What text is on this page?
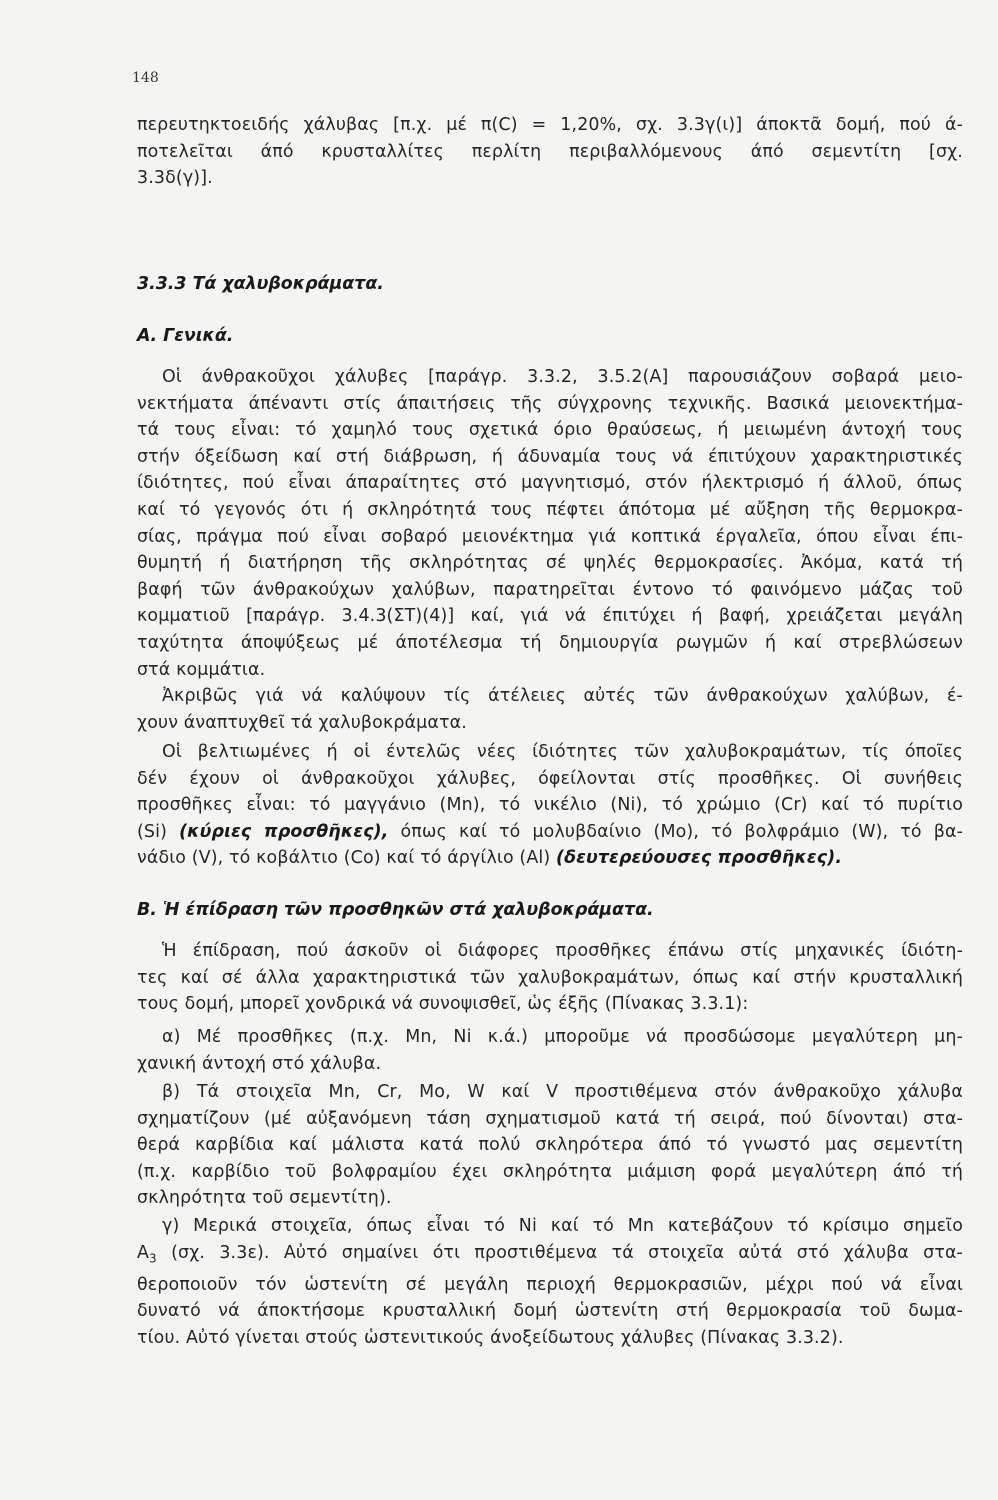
148
περευτηκτοειδής χάλυβας [π.χ. μέ π(C) = 1,20%, σχ. 3.3γ(ι)] άποκτᾶ δομή, πού ά-
ποτελεῖται άπό κρυσταλλίτες περλίτη περιβαλλόμενους άπό σεμεντίτη [σχ.
3.3δ(γ)].
3.3.3 Τά χαλυβοκράματα.
Α. Γενικά.
Οἱ άνθρακοῦχοι χάλυβες [παράγρ. 3.3.2, 3.5.2(Α] παρουσιάζουν σοβαρά μειο-
νεκτήματα άπέναντι στίς άπαιτήσεις τῆς σύγχρονης τεχνικῆς. Βασικά μειονεκτήμα-
τά τους εἶναι: τό χαμηλό τους σχετικά όριο θραύσεως, ή μειωμένη άντοχή τους
στήν όξείδωση καί στή διάβρωση, ή άδυναμία τους νά έπιτύχουν χαρακτηριστικές
ίδιότητες, πού εἶναι άπαραίτητες στό μαγνητισμό, στόν ήλεκτρισμό ή άλλοῦ, όπως
καί τό γεγονός ότι ή σκληρότητά τους πέφτει άπότομα μέ αὔξηση τῆς θερμοκρα-
σίας, πράγμα πού εἶναι σοβαρό μειονέκτημα γιά κοπτικά έργαλεῖα, όπου εἶναι έπι-
θυμητή ή διατήρηση τῆς σκληρότητας σέ ψηλές θερμοκρασίες. Ἀκόμα, κατά τή
βαφή τῶν άνθρακούχων χαλύβων, παρατηρεῖται έντονο τό φαινόμενο μάζας τοῦ
κομματιοῦ [παράγρ. 3.4.3(ΣΤ)(4)] καί, γιά νά έπιτύχει ή βαφή, χρειάζεται μεγάλη
ταχύτητα άποψύξεως μέ άποτέλεσμα τή δημιουργία ρωγμῶν ή καί στρεβλώσεων
στά κομμάτια.
Ἀκριβῶς γιά νά καλύψουν τίς άτέλειες αὐτές τῶν άνθρακούχων χαλύβων, έ-
χουν άναπτυχθεῖ τά χαλυβοκράματα.
Οἱ βελτιωμένες ή οἱ έντελῶς νέες ίδιότητες τῶν χαλυβοκραμάτων, τίς όποῖες
δέν έχουν οἱ άνθρακοῦχοι χάλυβες, όφείλονται στίς προσθῆκες. Οἱ συνήθεις
προσθῆκες εἶναι: τό μαγγάνιο (Mn), τό νικέλιο (Ni), τό χρώμιο (Cr) καί τό πυρίτιο
(Si) (κύριες προσθῆκες), όπως καί τό μολυβδαίνιο (Mo), τό βολφράμιο (W), τό βα-
νάδιο (V), τό κοβάλτιο (Co) καί τό άργίλιο (Al) (δευτερεύουσες προσθῆκες).
Β. Ἡ έπίδραση τῶν προσθηκῶν στά χαλυβοκράματα.
Ἡ έπίδραση, πού άσκοῦν οἱ διάφορες προσθῆκες έπάνω στίς μηχανικές ίδιότη-
τες καί σέ άλλα χαρακτηριστικά τῶν χαλυβοκραμάτων, όπως καί στήν κρυσταλλική
τους δομή, μπορεῖ χονδρικά νά συνοψισθεῖ, ὡς έξῆς (Πίνακας 3.3.1):
α) Μέ προσθῆκες (π.χ. Mn, Ni κ.ά.) μποροῦμε νά προσδώσομε μεγαλύτερη μη-
χανική άντοχή στό χάλυβα.
β) Τά στοιχεῖα Mn, Cr, Mo, W καί V προστιθέμενα στόν άνθρακοῦχο χάλυβα
σχηματίζουν (μέ αὐξανόμενη τάση σχηματισμοῦ κατά τή σειρά, πού δίνονται) στα-
θερά καρβίδια καί μάλιστα κατά πολύ σκληρότερα άπό τό γνωστό μας σεμεντίτη
(π.χ. καρβίδιο τοῦ βολφραμίου έχει σκληρότητα μιάμιση φορά μεγαλύτερη άπό τή
σκληρότητα τοῦ σεμεντίτη).
γ) Μερικά στοιχεῖα, όπως εἶναι τό Ni καί τό Mn κατεβάζουν τό κρίσιμο σημεῖο
$A_3$ (σχ. 3.3ε). Αὐτό σημαίνει ότι προστιθέμενα τά στοιχεῖα αὐτά στό χάλυβα στα-
θεροποιοῦν τόν ὡστενίτη σέ μεγάλη περιοχή θερμοκρασιῶν, μέχρι πού νά εἶναι
δυνατό νά άποκτήσομε κρυσταλλική δομή ὡστενίτη στή θερμοκρασία τοῦ δωμα-
τίου. Αὐτό γίνεται στούς ὡστενιτικούς άνοξείδωτους χάλυβες (Πίνακας 3.3.2).
